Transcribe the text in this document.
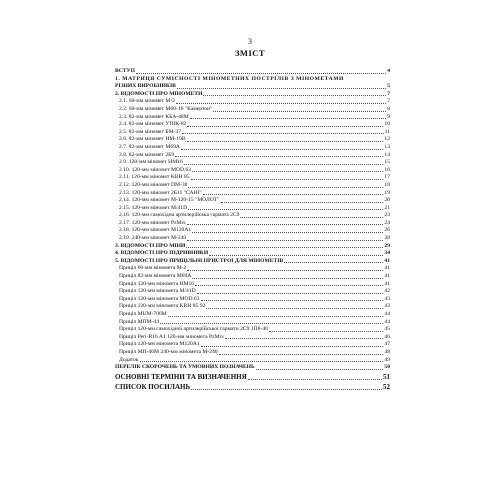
3
ЗМІСТ
ВСТУП	4
1. МАТРИЦЯ СУМІСНОСТІ МІНОМЕТНИХ ПОСТРІЛІВ З МІНОМЕТАМИ
РІЗНИХ ВИРОБНИКІВ	5
2. ВІДОМОСТІ ПРО МІНОМЕТИ	7
2.1. 60-мм міномет M-2	7
2.2. 60-мм міномет M60-16 "Камертон"	8
2.3. 82-мм міномет КБА-48М	9
2.4. 82-мм міномет УПІК-82	10
2.5. 82-мм міномет БМ-37	11
2.6. 82-мм міномет НМ-19В	12
2.7. 82-мм міномет M69A	13
2.8. 82-мм міномет 2Б9	14
2.9. 120-мм міномет HM16	15
2.10. 120-мм міномет MOD.63	16
2.11. 120-мм міномет KRH 85	17
2.12. 120-мм міномет ПМ-38	18
2.13. 120-мм міномет 2Б11 "САНІ"	19
2.14. 120-мм міномет M-120-15 "МОЛОТ"	20
2.15. 120-мм міномет M/41D	21
2.16. 120-мм самохідна артилерійська гармата 2С9	23
2.17. 120-мм міномет PzMrs	24
2.18. 120-мм міномет M120A1	26
2.19. 240-мм міномет M-240	28
3. ВІДОМОСТІ ПРО МІНИ	29
4. ВІДОМОСТІ ПРО ПІДРИВНИКИ	34
5. ВІДОМОСТІ ПРО ПРИЦІЛЬНІ ПРИСТРОЇ ДЛЯ МІНОМЕТІВ	41
Приціл 60-мм міномета M-2	41
Приціл 82-мм міномета M69A	41
Приціл 120-мм міномета HM16	41
Приціл 120-мм міномета M/41D	42
Приціл 120-мм міномета MOD.63	43
Приціл 120-мм міномета KRH 85 92	43
Приціл MUM-706M	44
Приціл MПМ-44	44
Приціл 120-мм самохідної артилерійської гармати 2С9 1П8-40	45
Приціл Peri-R16 A1 120-мм міномета PzMrs	46
Приціл 120-мм міномета M120A1	47
Приціл МП-46М 240-мм міномета M-240	48
Додаток	49
ПЕРЕЛІК СКОРОЧЕНЬ ТА УМОВНИХ ПОЗНАЧЕНЬ	50
ОСНОВНІ ТЕРМІНИ ТА ВИЗНАЧЕННЯ	51
СПИСОК ПОСИЛАНЬ	52
